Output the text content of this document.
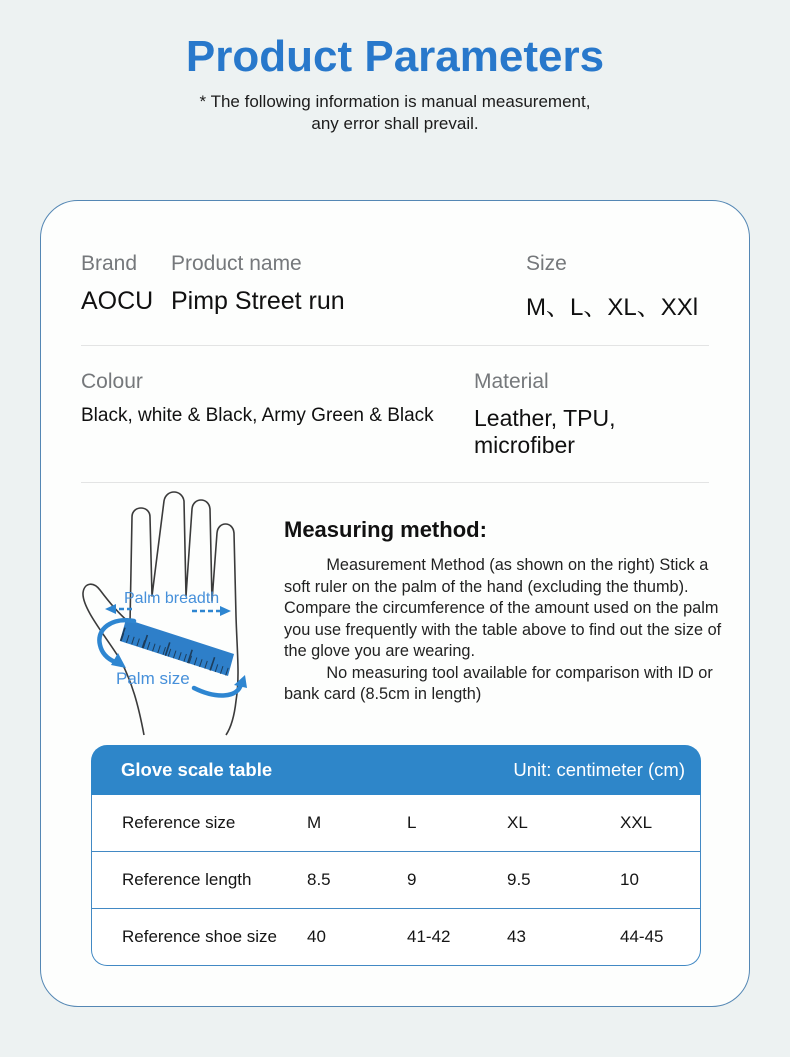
Product Parameters

* The following information is manual measurement,
any error shall prevail.

Brand
AOCU
Product name
Pimp Street run
Size
M、L、XL、XXl
Colour
Black, white & Black, Army Green & Black
Material
Leather, TPU, microfiber
Palm breadth
Palm size
Measuring method:

Measurement Method (as shown on the right) Stick a soft ruler on the palm of the hand (excluding the thumb). Compare the circumference of the amount used on the palm you use frequently with the table above to find out the size of the glove you are wearing.

No measuring tool available for comparison with ID or bank card (8.5cm in length)

Glove scale table	Unit: centimeter (cm)
Reference size	M	L	XL	XXL
Reference length	8.5	9	9.5	10
Reference shoe size	40	41-42	43	44-45
